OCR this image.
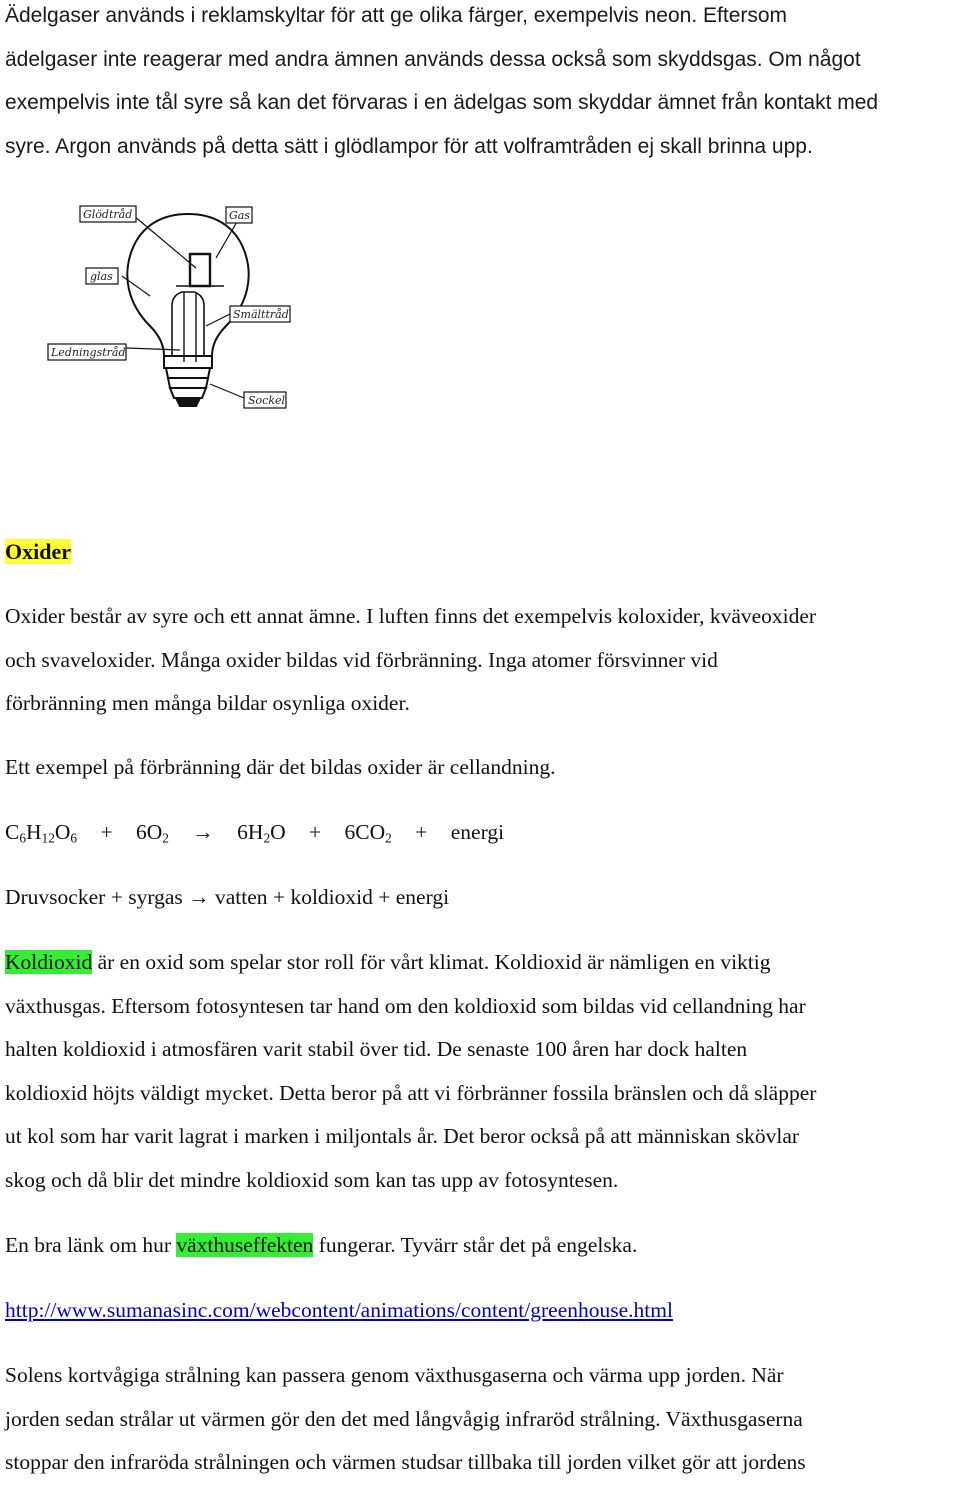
Ädelgaser används i reklamskyltar för att ge olika färger, exempelvis neon. Eftersom
ädelgaser inte reagerar med andra ämnen används dessa också som skyddsgas. Om något
exempelvis inte tål syre så kan det förvaras i en ädelgas som skyddar ämnet från kontakt med
syre. Argon används på detta sätt i glödlampor för att volframtråden ej skall brinna upp.
Glödtråd	Gas
glas
Smälttråd
Ledningstråd
Sockel
Oxider
Oxider består av syre och ett annat ämne. I luften finns det exempelvis koloxider, kväveoxider
och svaveloxider. Många oxider bildas vid förbränning. Inga atomer försvinner vid
förbränning men många bildar osynliga oxider.
Ett exempel på förbränning där det bildas oxider är cellandning.
$C_6H_{12}O_6 + 6O_2 \to 6H_2O + 6CO_2$ + energi
Druvsocker + syrgas → vatten + koldioxid + energi
Koldioxid är en oxid som spelar stor roll för vårt klimat. Koldioxid är nämligen en viktig
växthusgas. Eftersom fotosyntesen tar hand om den koldioxid som bildas vid cellandning har
halten koldioxid i atmosfären varit stabil över tid. De senaste 100 åren har dock halten
koldioxid höjts väldigt mycket. Detta beror på att vi förbränner fossila bränslen och då släpper
ut kol som har varit lagrat i marken i miljontals år. Det beror också på att människan skövlar
skog och då blir det mindre koldioxid som kan tas upp av fotosyntesen.
En bra länk om hur växthuseffekten fungerar. Tyvärr står det på engelska.
http://www.sumanasinc.com/webcontent/animations/content/greenhouse.html
Solens kortvågiga strålning kan passera genom växthusgaserna och värma upp jorden. När
jorden sedan strålar ut värmen gör den det med långvågig infraröd strålning. Växthusgaserna
stoppar den infraröda strålningen och värmen studsar tillbaka till jorden vilket gör att jordens
